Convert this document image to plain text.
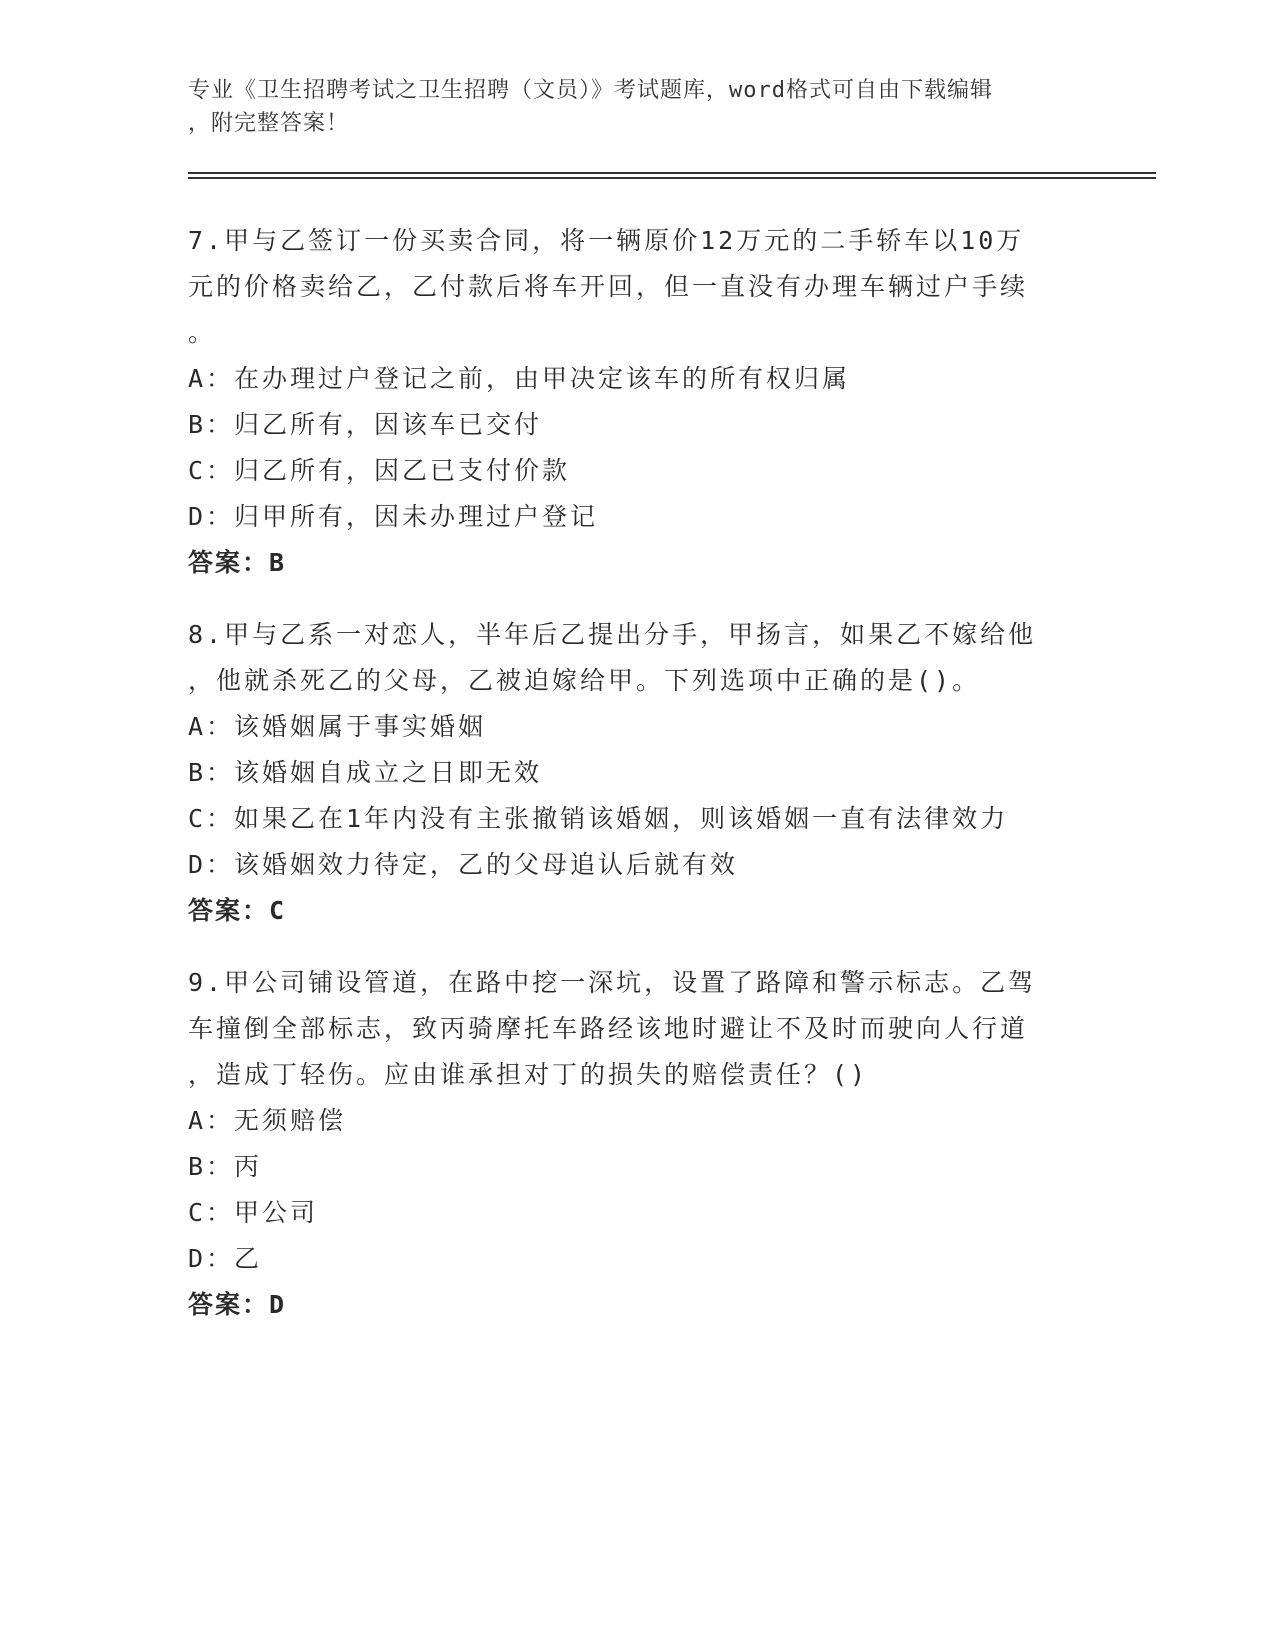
专业《卫生招聘考试之卫生招聘（文员）》考试题库，word格式可自由下载编辑
，附完整答案！
7.甲与乙签订一份买卖合同，将一辆原价12万元的二手轿车以10万
元的价格卖给乙，乙付款后将车开回，但一直没有办理车辆过户手续
。
A：在办理过户登记之前，由甲决定该车的所有权归属
B：归乙所有，因该车已交付
C：归乙所有，因乙已支付价款
D：归甲所有，因未办理过户登记
答案：B
8.甲与乙系一对恋人，半年后乙提出分手，甲扬言，如果乙不嫁给他
，他就杀死乙的父母，乙被迫嫁给甲。下列选项中正确的是()。
A：该婚姻属于事实婚姻
B：该婚姻自成立之日即无效
C：如果乙在1年内没有主张撤销该婚姻，则该婚姻一直有法律效力
D：该婚姻效力待定，乙的父母追认后就有效
答案：C
9.甲公司铺设管道，在路中挖一深坑，设置了路障和警示标志。乙驾
车撞倒全部标志，致丙骑摩托车路经该地时避让不及时而驶向人行道
，造成丁轻伤。应由谁承担对丁的损失的赔偿责任？()
A：无须赔偿
B：丙
C：甲公司
D：乙
答案：D
